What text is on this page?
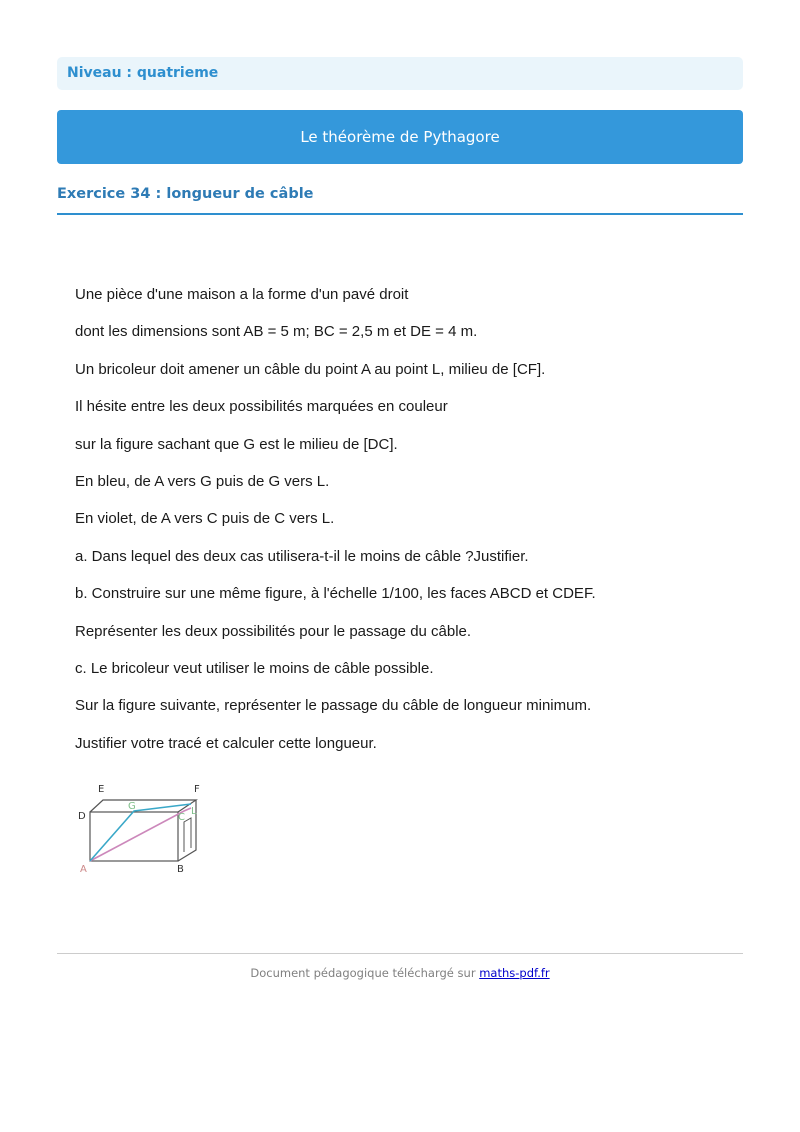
Niveau : quatrieme
Le théorème de Pythagore
Exercice 34 : longueur de câble

Une pièce d'une maison a la forme d'un pavé droit

dont les dimensions sont AB = 5 m; BC = 2,5 m et DE = 4 m.

Un bricoleur doit amener un câble du point A au point L, milieu de [CF].

Il hésite entre les deux possibilités marquées en couleur

sur la figure sachant que G est le milieu de [DC].

En bleu, de A vers G puis de G vers L.

En violet, de A vers C puis de C vers L.

a. Dans lequel des deux cas utilisera-t-il le moins de câble ?Justifier.

b. Construire sur une même figure, à l'échelle 1/100, les faces ABCD et CDEF.

Représenter les deux possibilités pour le passage du câble.

c. Le bricoleur veut utiliser le moins de câble possible.

Sur la figure suivante, représenter le passage du câble de longueur minimum.

Justifier votre tracé et calculer cette longueur.

E	F
D
G
C
L
A	B
Document pédagogique téléchargé sur maths-pdf.fr
